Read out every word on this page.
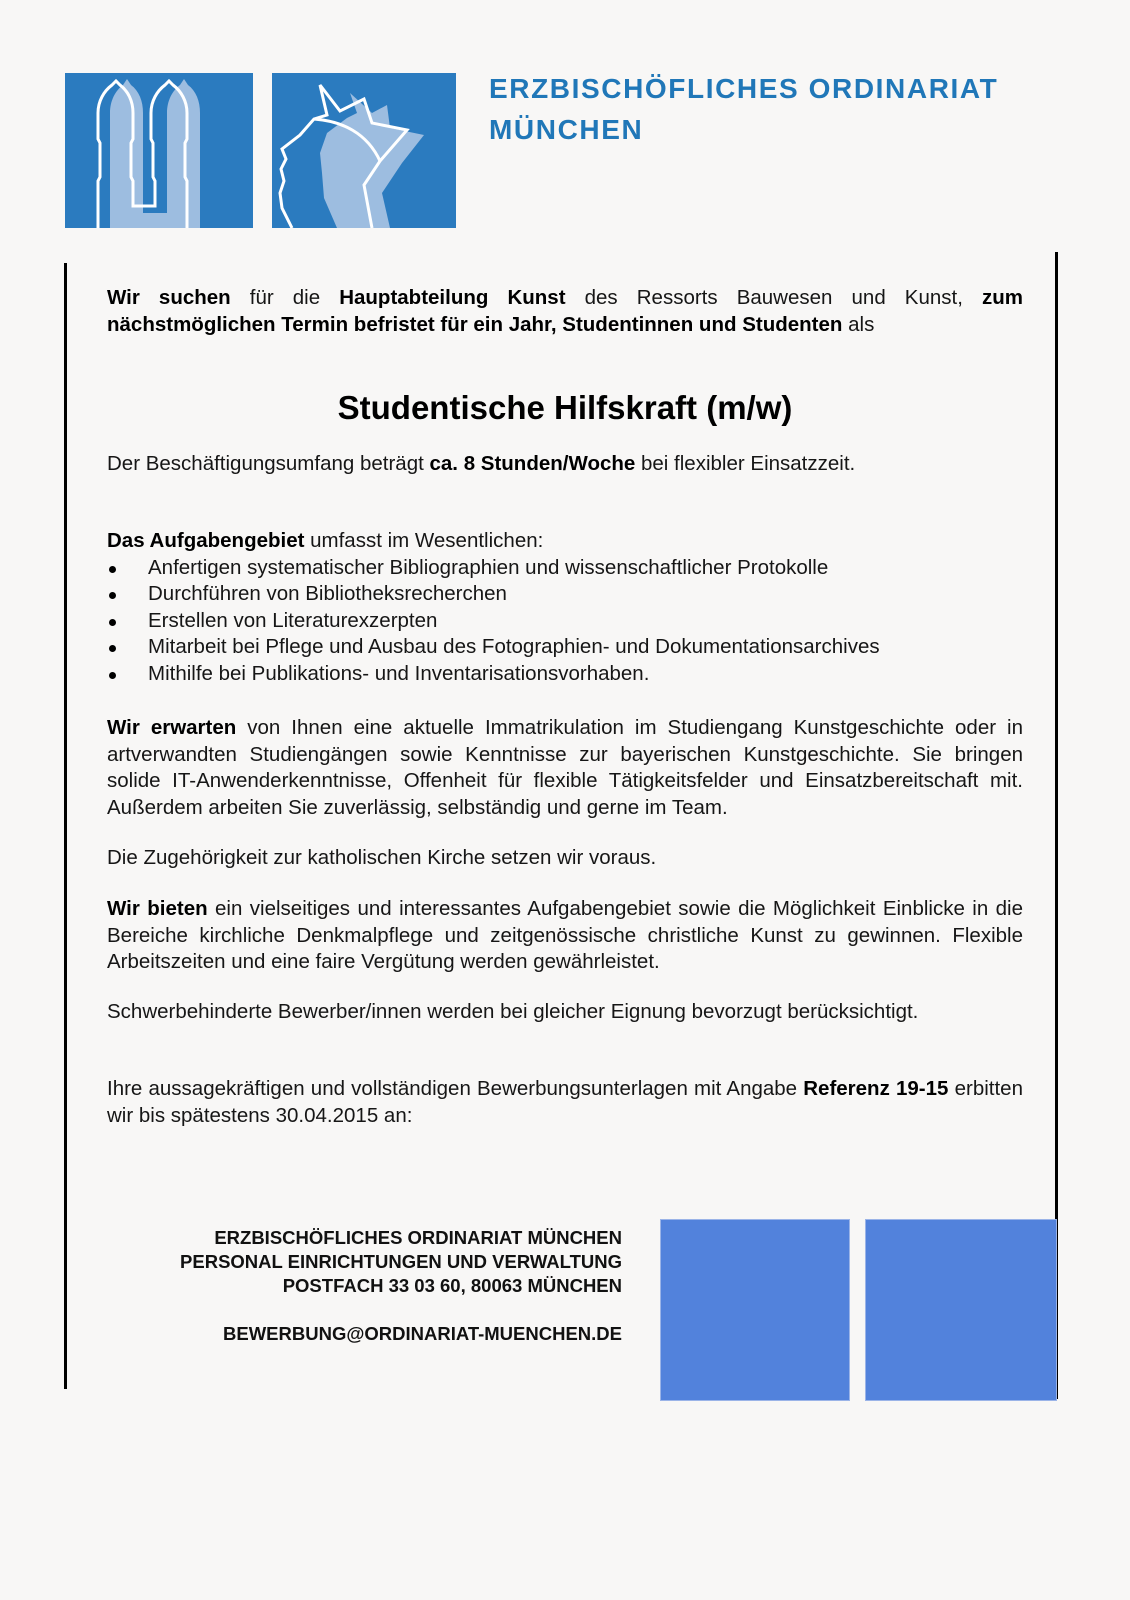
ERZBISCHÖFLICHES ORDINARIAT
MÜNCHEN
Wir suchen für die Hauptabteilung Kunst des Ressorts Bauwesen und Kunst, zum nächstmöglichen Termin befristet für ein Jahr, Studentinnen und Studenten als
Studentische Hilfskraft (m/w)
Der Beschäftigungsumfang beträgt ca. 8 Stunden/Woche bei flexibler Einsatzzeit.
Das Aufgabengebiet umfasst im Wesentlichen:
Anfertigen systematischer Bibliographien und wissenschaftlicher Protokolle
Durchführen von Bibliotheksrecherchen
Erstellen von Literaturexzerpten
Mitarbeit bei Pflege und Ausbau des Fotographien- und Dokumentationsarchives
Mithilfe bei Publikations- und Inventarisationsvorhaben.
Wir erwarten von Ihnen eine aktuelle Immatrikulation im Studiengang Kunstgeschichte oder in artverwandten Studiengängen sowie Kenntnisse zur bayerischen Kunstgeschichte. Sie bringen solide IT-Anwenderkenntnisse, Offenheit für flexible Tätigkeitsfelder und Einsatzbereitschaft mit. Außerdem arbeiten Sie zuverlässig, selbständig und gerne im Team.
Die Zugehörigkeit zur katholischen Kirche setzen wir voraus.
Wir bieten ein vielseitiges und interessantes Aufgabengebiet sowie die Möglichkeit Einblicke in die Bereiche kirchliche Denkmalpflege und zeitgenössische christliche Kunst zu gewinnen. Flexible Arbeitszeiten und eine faire Vergütung werden gewährleistet.
Schwerbehinderte Bewerber/innen werden bei gleicher Eignung bevorzugt berücksichtigt.
Ihre aussagekräftigen und vollständigen Bewerbungsunterlagen mit Angabe Referenz 19-15 erbitten wir bis spätestens 30.04.2015 an:
ERZBISCHÖFLICHES ORDINARIAT MÜNCHEN
PERSONAL EINRICHTUNGEN UND VERWALTUNG
POSTFACH 33 03 60, 80063 MÜNCHEN
BEWERBUNG@ORDINARIAT-MUENCHEN.DE
